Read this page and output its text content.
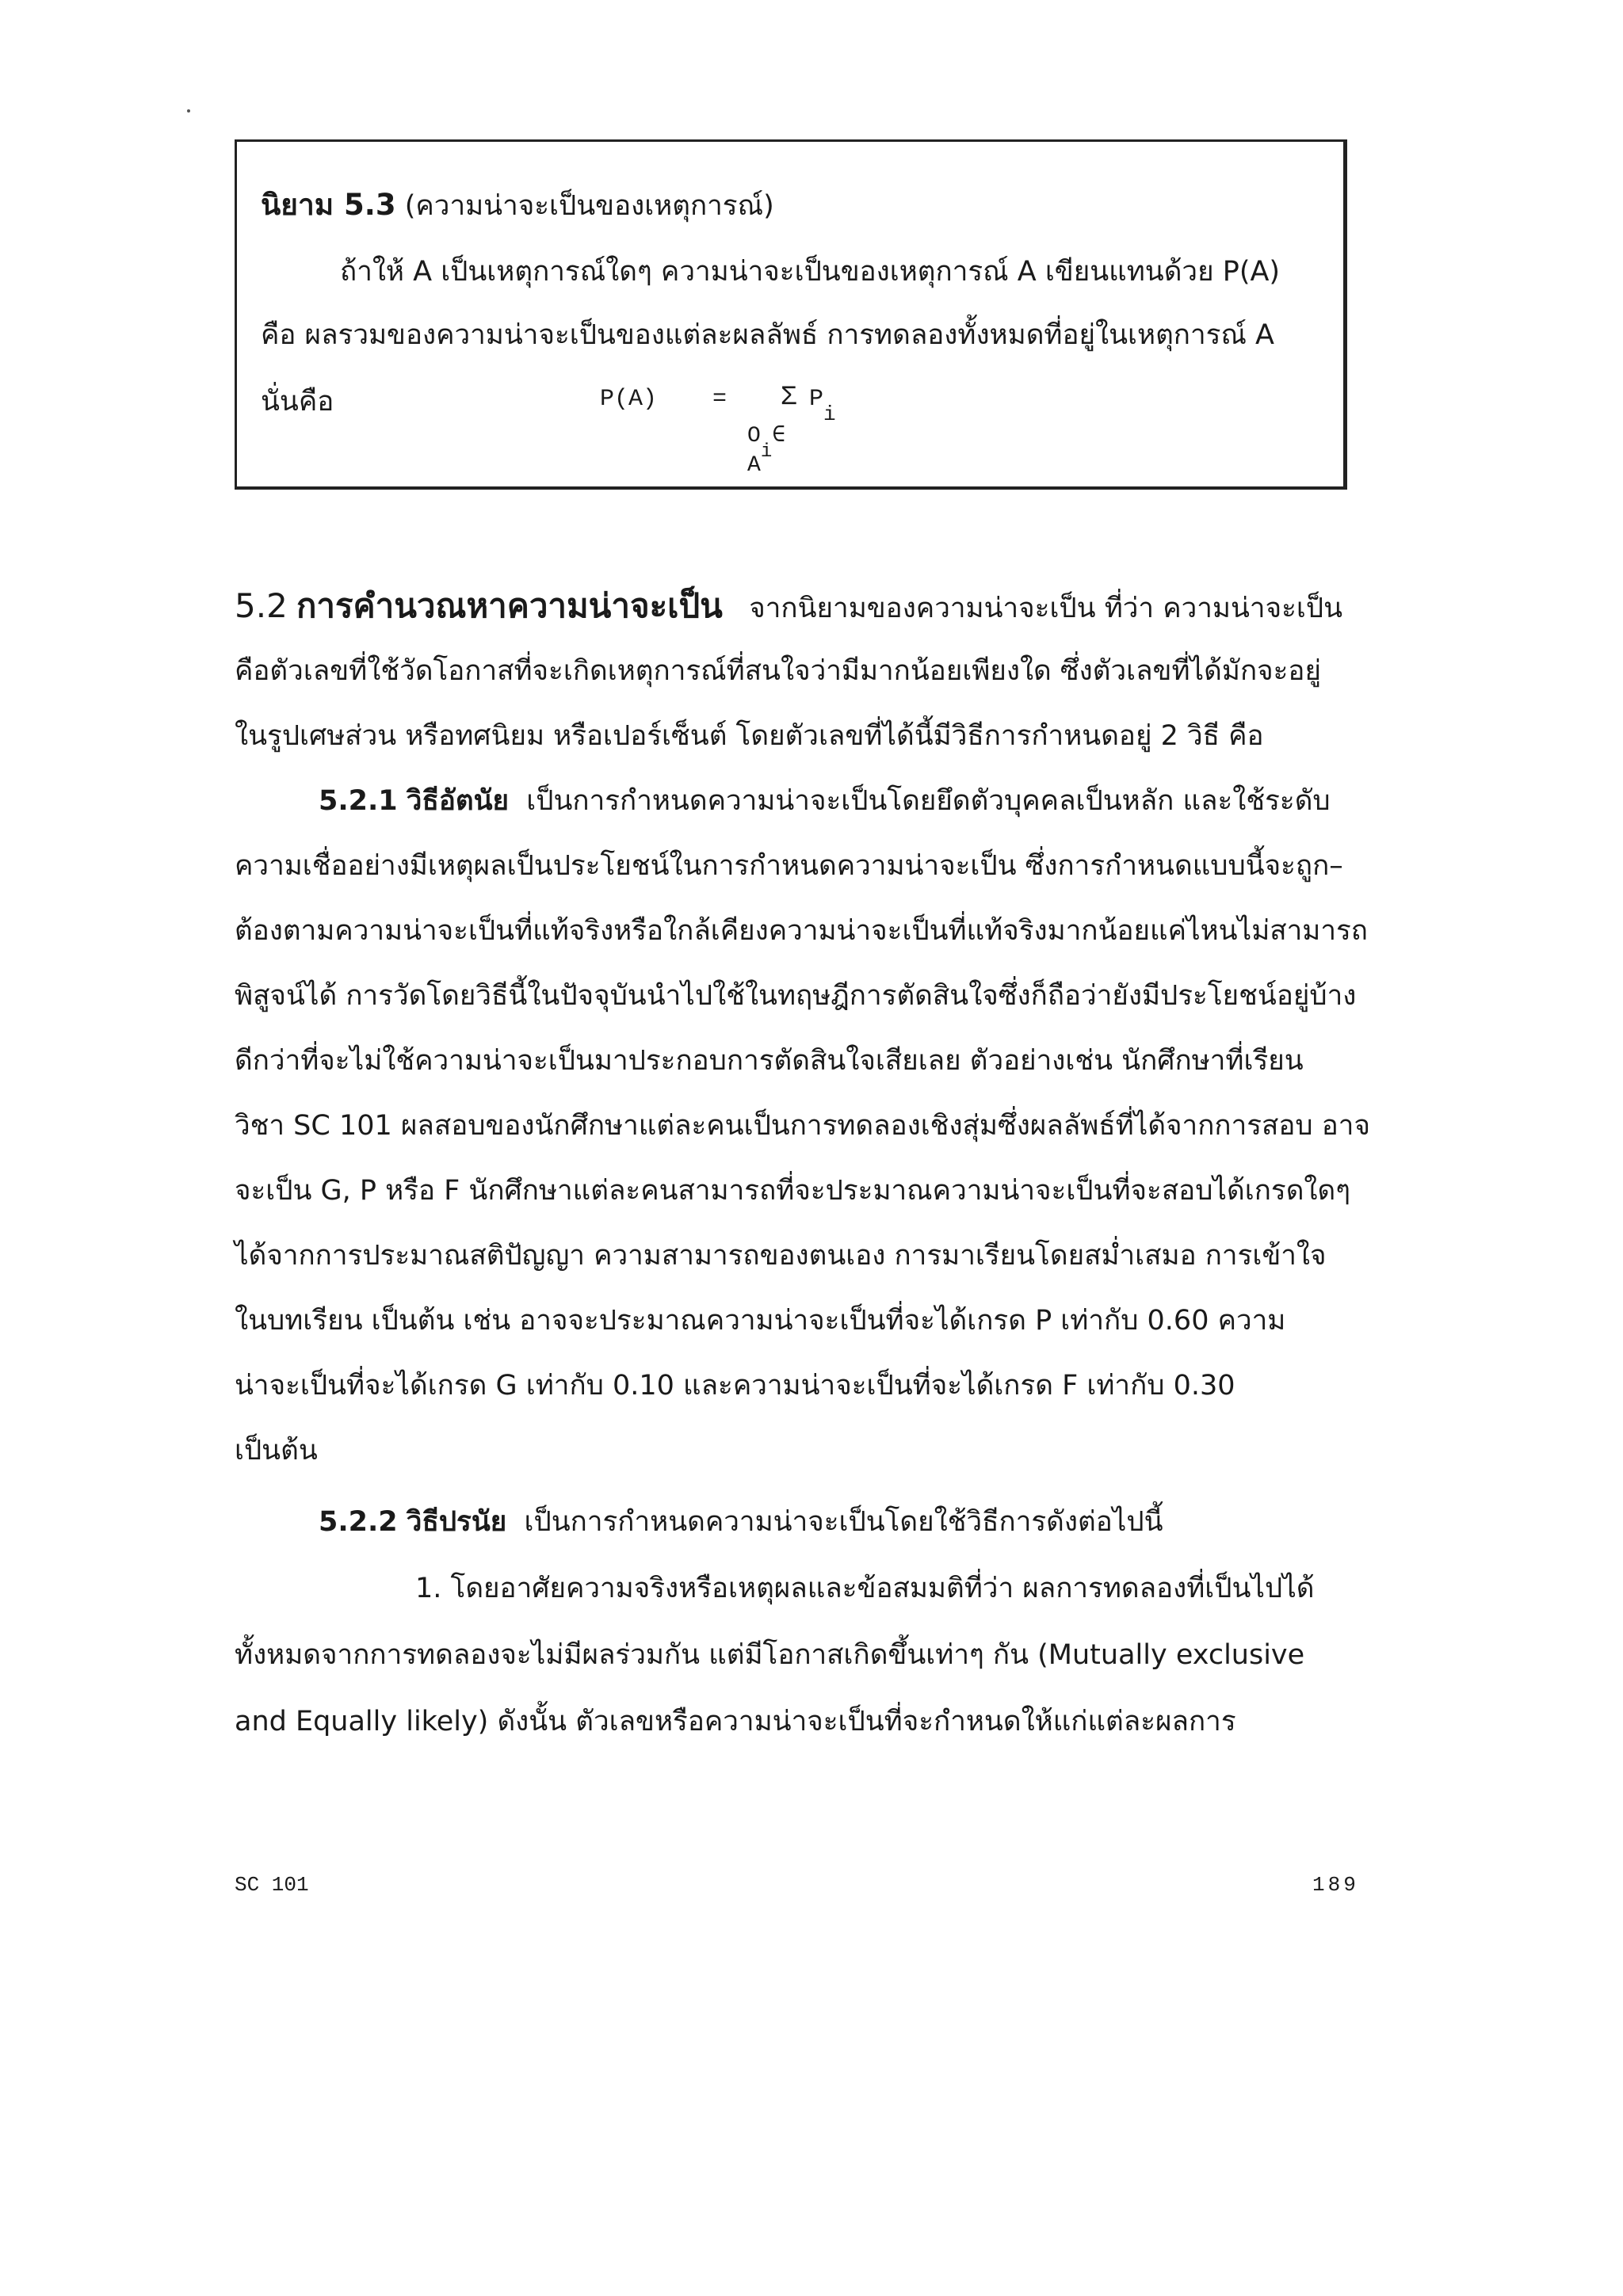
นิยาม 5.3 (ความน่าจะเป็นของเหตุการณ์)
ถ้าให้ A เป็นเหตุการณ์ใดๆ ความน่าจะเป็นของเหตุการณ์ A เขียนแทนด้วย P(A)
คือ ผลรวมของความน่าจะเป็นของแต่ละผลลัพธ์ การทดลองทั้งหมดที่อยู่ในเหตุการณ์ A
นั่นคือ	P(A) = Σ $P_i$
$O_i\in$ A
5.2 การคำนวณหาความน่าจะเป็น จากนิยามของความน่าจะเป็น ที่ว่า ความน่าจะเป็น
คือตัวเลขที่ใช้วัดโอกาสที่จะเกิดเหตุการณ์ที่สนใจว่ามีมากน้อยเพียงใด ซึ่งตัวเลขที่ได้มักจะอยู่
ในรูปเศษส่วน หรือทศนิยม หรือเปอร์เซ็นต์ โดยตัวเลขที่ได้นี้มีวิธีการกำหนดอยู่ 2 วิธี คือ
5.2.1 วิธีอัตนัย เป็นการกำหนดความน่าจะเป็นโดยยึดตัวบุคคลเป็นหลัก และใช้ระดับ
ความเชื่ออย่างมีเหตุผลเป็นประโยชน์ในการกำหนดความน่าจะเป็น ซึ่งการกำหนดแบบนี้จะถูก–
ต้องตามความน่าจะเป็นที่แท้จริงหรือใกล้เคียงความน่าจะเป็นที่แท้จริงมากน้อยแค่ไหนไม่สามารถ
พิสูจน์ได้ การวัดโดยวิธีนี้ในปัจจุบันนำไปใช้ในทฤษฎีการตัดสินใจซึ่งก็ถือว่ายังมีประโยชน์อยู่บ้าง
ดีกว่าที่จะไม่ใช้ความน่าจะเป็นมาประกอบการตัดสินใจเสียเลย ตัวอย่างเช่น นักศึกษาที่เรียน
วิชา SC 101 ผลสอบของนักศึกษาแต่ละคนเป็นการทดลองเชิงสุ่มซึ่งผลลัพธ์ที่ได้จากการสอบ อาจ
จะเป็น G, P หรือ F นักศึกษาแต่ละคนสามารถที่จะประมาณความน่าจะเป็นที่จะสอบได้เกรดใดๆ
ได้จากการประมาณสติปัญญา ความสามารถของตนเอง การมาเรียนโดยสม่ำเสมอ การเข้าใจ
ในบทเรียน เป็นต้น เช่น อาจจะประมาณความน่าจะเป็นที่จะได้เกรด P เท่ากับ 0.60 ความ
น่าจะเป็นที่จะได้เกรด G เท่ากับ 0.10 และความน่าจะเป็นที่จะได้เกรด F เท่ากับ 0.30
เป็นต้น
5.2.2 วิธีปรนัย เป็นการกำหนดความน่าจะเป็นโดยใช้วิธีการดังต่อไปนี้
1. โดยอาศัยความจริงหรือเหตุผลและข้อสมมติที่ว่า ผลการทดลองที่เป็นไปได้
ทั้งหมดจากการทดลองจะไม่มีผลร่วมกัน แต่มีโอกาสเกิดขึ้นเท่าๆ กัน (Mutually exclusive
and Equally likely) ดังนั้น ตัวเลขหรือความน่าจะเป็นที่จะกำหนดให้แก่แต่ละผลการ
SC 101	189
